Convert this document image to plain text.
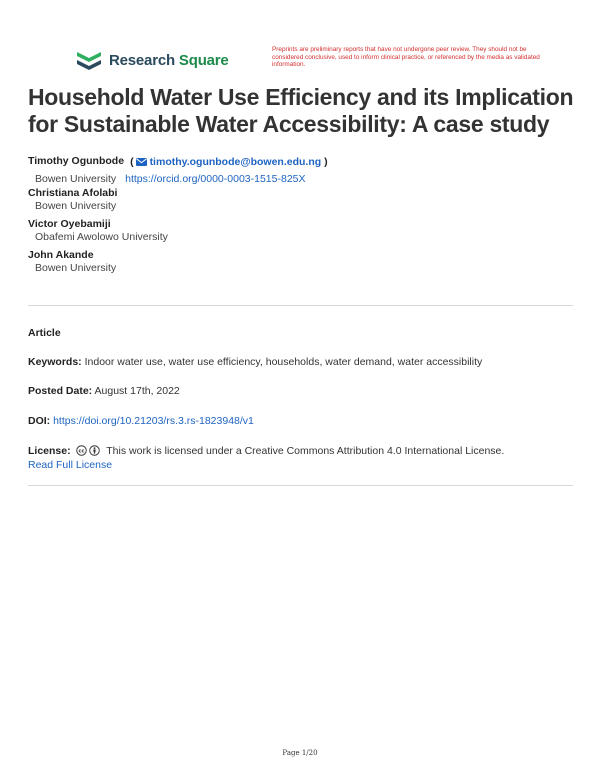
Research Square
Preprints are preliminary reports that have not undergone peer review. They should not be considered conclusive, used to inform clinical practice, or referenced by the media as validated information.
Household Water Use Efficiency and its Implication for Sustainable Water Accessibility: A case study
Timothy Ogunbode ( timothy.ogunbode@bowen.edu.ng )
Bowen University https://orcid.org/0000-0003-1515-825X
Christiana Afolabi
Bowen University
Victor Oyebamiji
Obafemi Awolowo University
John Akande
Bowen University
Article
Keywords: Indoor water use, water use efficiency, households, water demand, water accessibility
Posted Date: August 17th, 2022
DOI: https://doi.org/10.21203/rs.3.rs-1823948/v1
License: cc This work is licensed under a Creative Commons Attribution 4.0 International License.
Read Full License
Page 1/20
